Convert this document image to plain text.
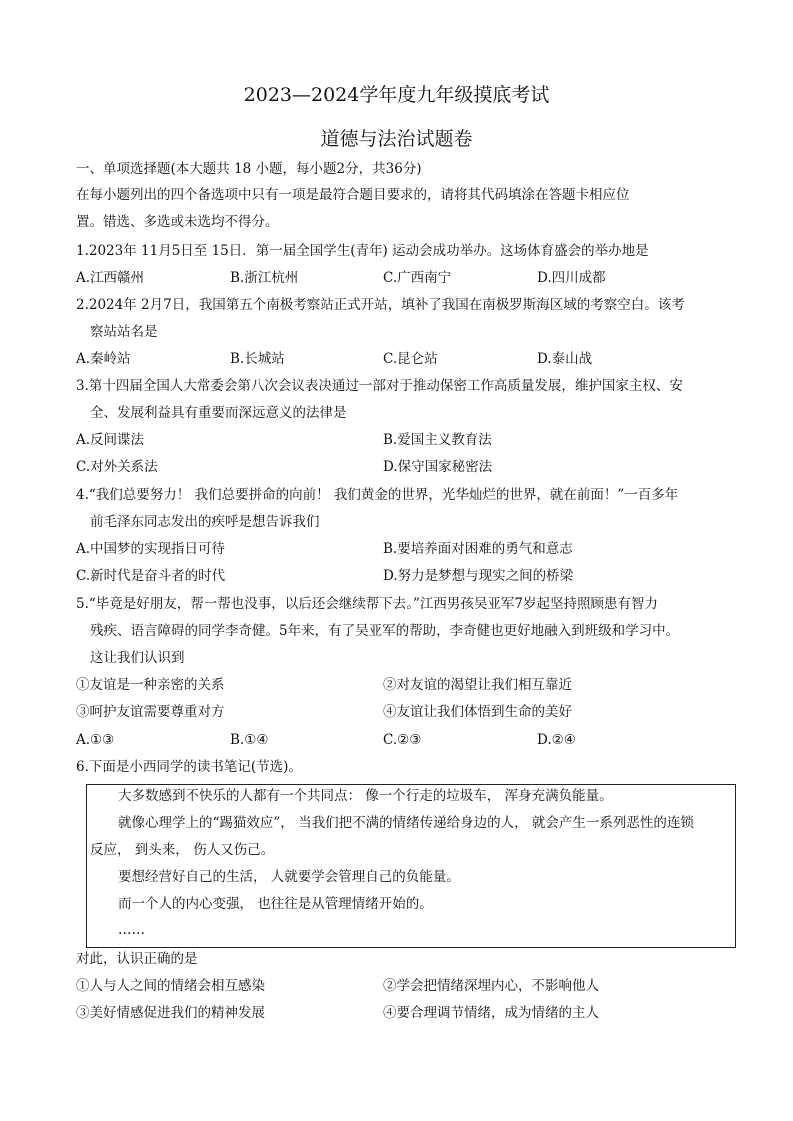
2023—2024学年度九年级摸底考试
道德与法治试题卷
一、单项选择题(本大题共 18 小题，每小题2分，共36分)
在每小题列出的四个备选项中只有一项是最符合题目要求的，请将其代码填涂在答题卡相应位
置。错选、多选或未选均不得分。
1.2023年 11月5日至 15日．第一届全国学生(青年) 运动会成功举办。这场体育盛会的举办地是
A.江西赣州	B.浙江杭州	C.广西南宁	D.四川成都
2.2024年 2月7日，我国第五个南极考察站正式开站，填补了我国在南极罗斯海区域的考察空白。该考
察站站名是
A.秦岭站	B.长城站	C.昆仑站	D.泰山战
3.第十四届全国人大常委会第八次会议表决通过一部对于推动保密工作高质量发展，维护国家主权、安
全、发展利益具有重要而深远意义的法律是
A.反间谍法	B.爱国主义教育法
C.对外关系法	D.保守国家秘密法
4.“我们总要努力！ 我们总要拼命的向前！ 我们黄金的世界，光华灿烂的世界，就在前面！”一百多年
前毛泽东同志发出的疾呼是想告诉我们
A.中国梦的实现指日可待	B.要培养面对困难的勇气和意志
C.新时代是奋斗者的时代	D.努力是梦想与现实之间的桥梁
5.“毕竟是好朋友，帮一帮也没事，以后还会继续帮下去。”江西男孩吴亚军7岁起坚持照顾患有智力
残疾、语言障碍的同学李奇健。5年来，有了吴亚军的帮助，李奇健也更好地融入到班级和学习中。
这让我们认识到
①友谊是一种亲密的关系	②对友谊的渴望让我们相互靠近
③呵护友谊需要尊重对方	④友谊让我们体悟到生命的美好
A.①③	B.①④	C.②③	D.②④
6.下面是小西同学的读书笔记(节选)。
大多数感到不快乐的人都有一个共同点： 像一个行走的垃圾车， 浑身充满负能量。
就像心理学上的“踢猫效应”， 当我们把不满的情绪传递给身边的人， 就会产生一系列恶性的连锁
反应， 到头来， 伤人又伤己。
要想经营好自己的生活， 人就要学会管理自己的负能量。
而一个人的内心变强， 也往往是从管理情绪开始的。
……
对此，认识正确的是
①人与人之间的情绪会相互感染	②学会把情绪深埋内心，不影响他人
③美好情感促进我们的精神发展	④要合理调节情绪，成为情绪的主人
